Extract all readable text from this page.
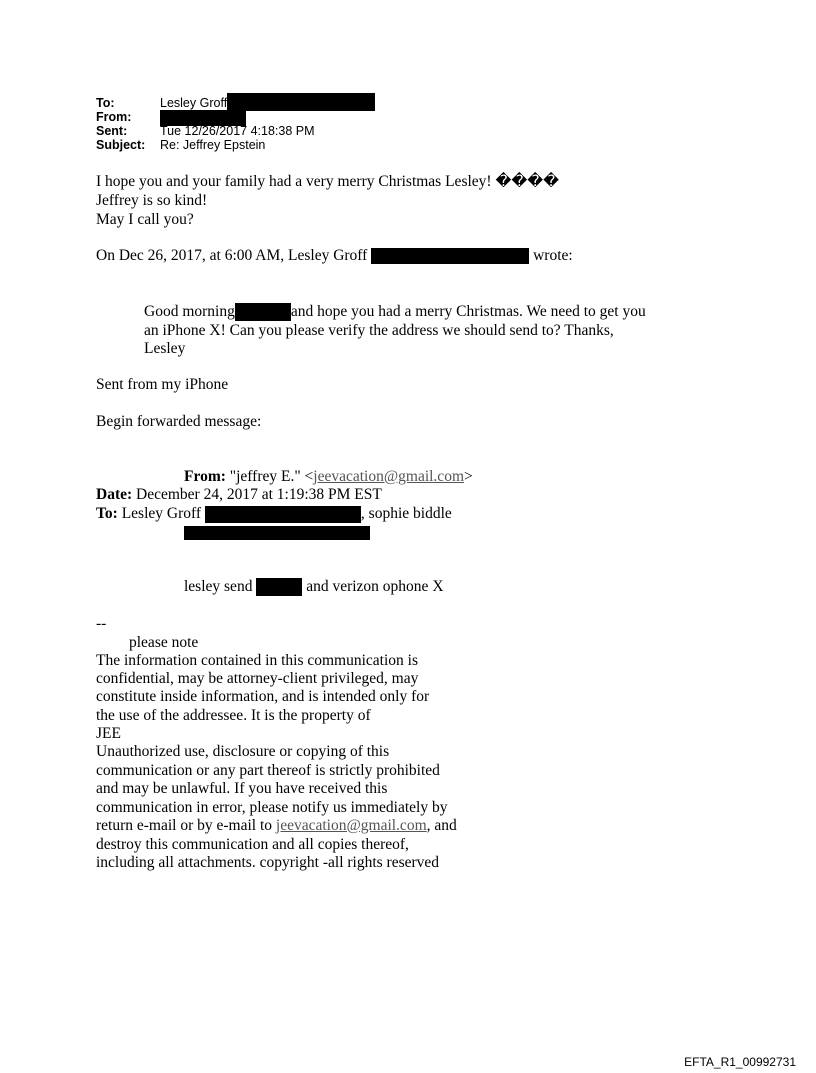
To:	Lesley Groff
From:
Sent:	Tue 12/26/2017 4:18:38 PM
Subject: Re: Jeffrey Epstein
I hope you and your family had a very merry Christmas Lesley! ����
Jeffrey is so kind!
May I call you?
On Dec 26, 2017, at 6:00 AM, Lesley Groff	wrote:
Good morning	and hope you had a merry Christmas. We need to get you
an iPhone X! Can you please verify the address we should send to? Thanks,
Lesley
Sent from my iPhone
Begin forwarded message:
From: "jeffrey E." <jeevacation@gmail.com>
Date: December 24, 2017 at 1:19:38 PM EST
To: Lesley Groff	, sophie biddle
lesley send	and verizon ophone X
--
please note
The information contained in this communication is
confidential, may be attorney-client privileged, may
constitute inside information, and is intended only for
the use of the addressee. It is the property of
JEE
Unauthorized use, disclosure or copying of this
communication or any part thereof is strictly prohibited
and may be unlawful. If you have received this
communication in error, please notify us immediately by
return e-mail or by e-mail to jeevacation@gmail.com, and
destroy this communication and all copies thereof,
including all attachments. copyright -all rights reserved
EFTA_R1_00992731
